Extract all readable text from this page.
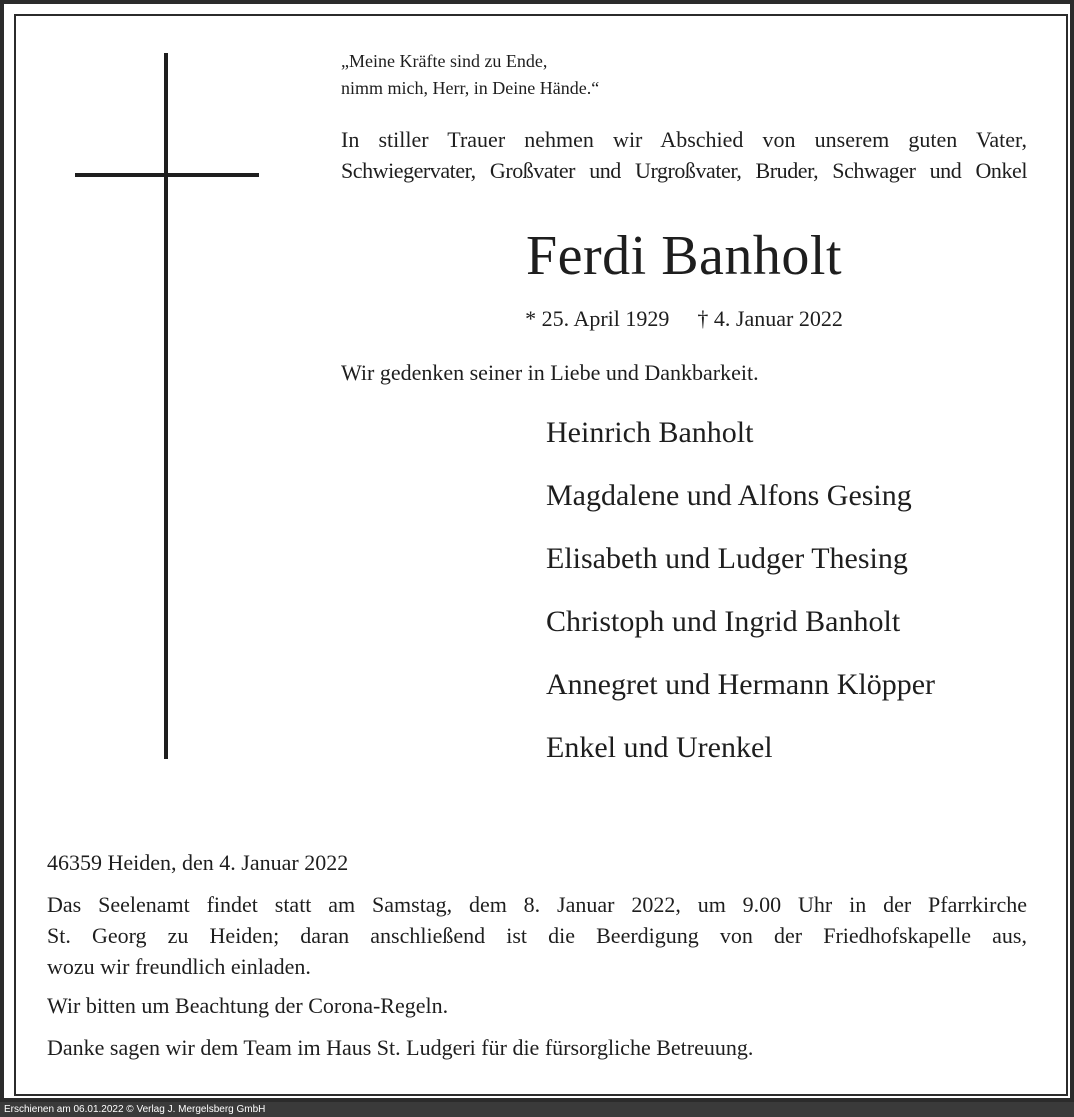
„Meine Kräfte sind zu Ende,
nimm mich, Herr, in Deine Hände.“
In stiller Trauer nehmen wir Abschied von unserem guten Vater,
Schwiegervater, Großvater und Urgroßvater, Bruder, Schwager und Onkel
Ferdi Banholt
* 25. April 1929 † 4. Januar 2022
Wir gedenken seiner in Liebe und Dankbarkeit.
Heinrich Banholt
Magdalene und Alfons Gesing
Elisabeth und Ludger Thesing
Christoph und Ingrid Banholt
Annegret und Hermann Klöpper
Enkel und Urenkel
46359 Heiden, den 4. Januar 2022
Das Seelenamt findet statt am Samstag, dem 8. Januar 2022, um 9.00 Uhr in der Pfarrkirche
St. Georg zu Heiden; daran anschließend ist die Beerdigung von der Friedhofskapelle aus,
wozu wir freundlich einladen.
Wir bitten um Beachtung der Corona-Regeln.
Danke sagen wir dem Team im Haus St. Ludgeri für die fürsorgliche Betreuung.
Erschienen am 06.01.2022 © Verlag J. Mergelsberg GmbH
